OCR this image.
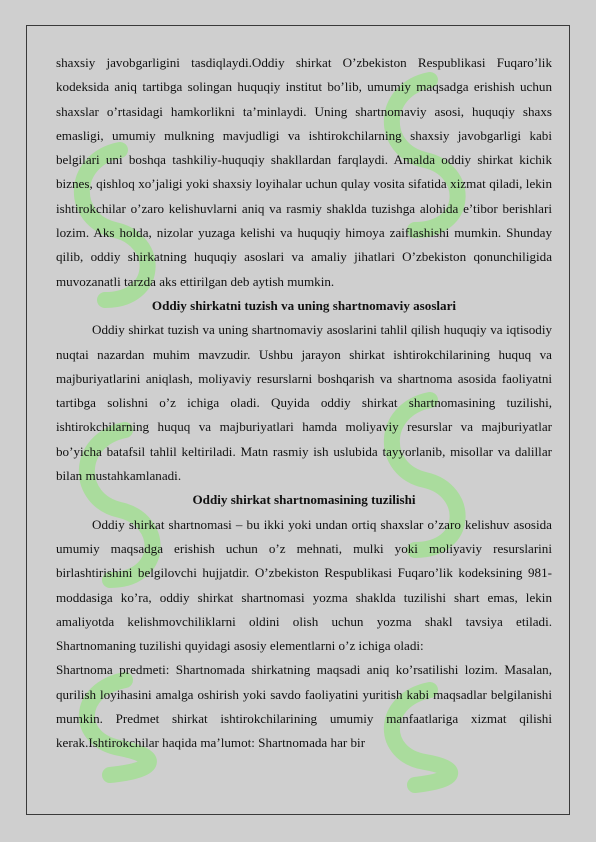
shaxsiy javobgarligini tasdiqlaydi.Oddiy shirkat O’zbekiston Respublikasi Fuqaro’lik kodeksida aniq tartibga solingan huquqiy institut bo’lib, umumiy maqsadga erishish uchun shaxslar o’rtasidagi hamkorlikni ta’minlaydi. Uning shartnomaviy asosi, huquqiy shaxs emasligi, umumiy mulkning mavjudligi va ishtirokchilarning shaxsiy javobgarligi kabi belgilari uni boshqa tashkiliy-huquqiy shakllardan farqlaydi. Amalda oddiy shirkat kichik biznes, qishloq xo’jaligi yoki shaxsiy loyihalar uchun qulay vosita sifatida xizmat qiladi, lekin ishtirokchilar o’zaro kelishuvlarni aniq va rasmiy shaklda tuzishga alohida e’tibor berishlari lozim. Aks holda, nizolar yuzaga kelishi va huquqiy himoya zaiflashishi mumkin. Shunday qilib, oddiy shirkatning huquqiy asoslari va amaliy jihatlari O’zbekiston qonunchiligida muvozanatli tarzda aks ettirilgan deb aytish mumkin.

Oddiy shirkatni tuzish va uning shartnomaviy asoslari

Oddiy shirkat tuzish va uning shartnomaviy asoslarini tahlil qilish huquqiy va iqtisodiy nuqtai nazardan muhim mavzudir. Ushbu jarayon shirkat ishtirokchilarining huquq va majburiyatlarini aniqlash, moliyaviy resurslarni boshqarish va shartnoma asosida faoliyatni tartibga solishni o’z ichiga oladi. Quyida oddiy shirkat shartnomasining tuzilishi, ishtirokchilarning huquq va majburiyatlari hamda moliyaviy resurslar va majburiyatlar bo’yicha batafsil tahlil keltiriladi. Matn rasmiy ish uslubida tayyorlanib, misollar va dalillar bilan mustahkamlanadi.

Oddiy shirkat shartnomasining tuzilishi

Oddiy shirkat shartnomasi – bu ikki yoki undan ortiq shaxslar o’zaro kelishuv asosida umumiy maqsadga erishish uchun o’z mehnati, mulki yoki moliyaviy resurslarini birlashtirishini belgilovchi hujjatdir. O’zbekiston Respublikasi Fuqaro’lik kodeksining 981-moddasiga ko’ra, oddiy shirkat shartnomasi yozma shaklda tuzilishi shart emas, lekin amaliyotda kelishmovchiliklarni oldini olish uchun yozma shakl tavsiya etiladi. Shartnomaning tuzilishi quyidagi asosiy elementlarni o’z ichiga oladi:

Shartnoma predmeti: Shartnomada shirkatning maqsadi aniq ko’rsatilishi lozim. Masalan, qurilish loyihasini amalga oshirish yoki savdo faoliyatini yuritish kabi maqsadlar belgilanishi mumkin. Predmet shirkat ishtirokchilarining umumiy manfaatlariga xizmat qilishi kerak.Ishtirokchilar haqida ma’lumot: Shartnomada har bir
